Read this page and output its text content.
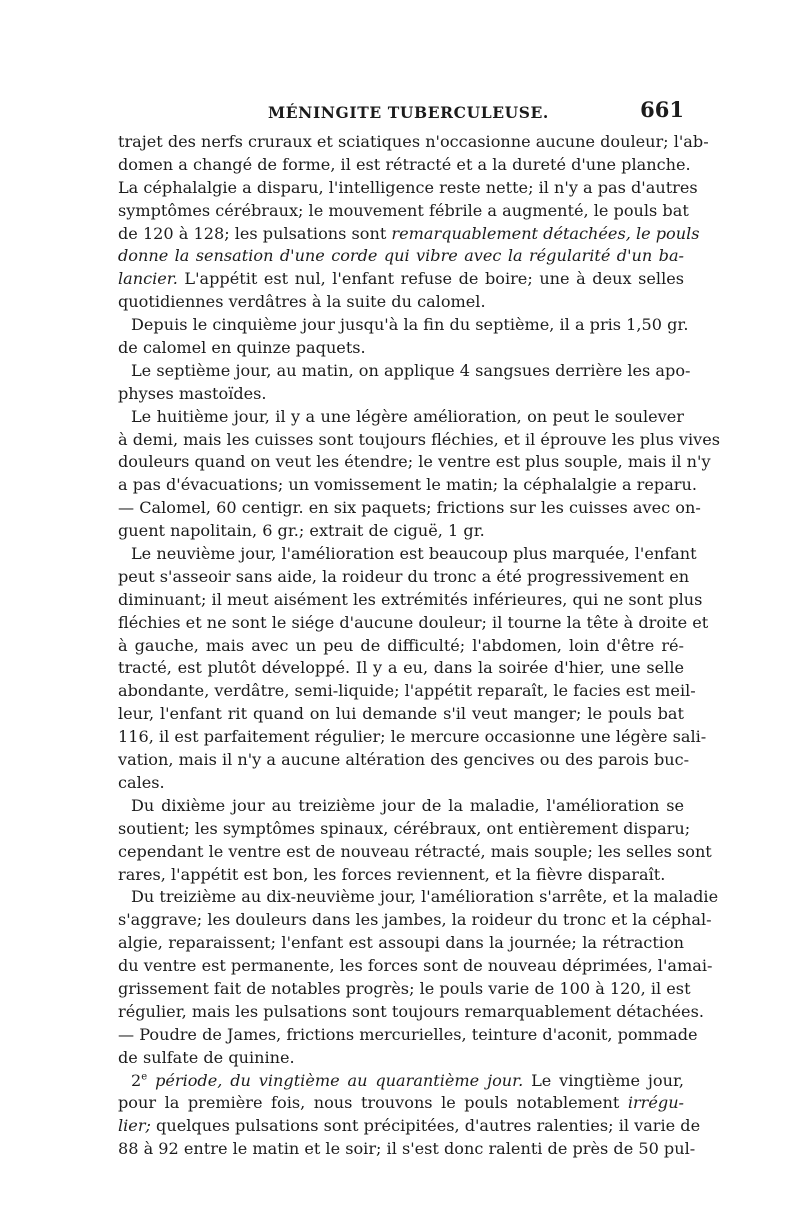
MÉNINGITE TUBERCULEUSE.	661
trajet des nerfs cruraux et sciatiques n'occasionne aucune douleur; l'ab-
domen a changé de forme, il est rétracté et a la dureté d'une planche.
La céphalalgie a disparu, l'intelligence reste nette; il n'y a pas d'autres
symptômes cérébraux; le mouvement fébrile a augmenté, le pouls bat
de 120 à 128; les pulsations sont remarquablement détachées, le pouls
donne la sensation d'une corde qui vibre avec la régularité d'un ba-
lancier. L'appétit est nul, l'enfant refuse de boire; une à deux selles
quotidiennes verdâtres à la suite du calomel.
Depuis le cinquième jour jusqu'à la fin du septième, il a pris 1,50 gr.
de calomel en quinze paquets.
Le septième jour, au matin, on applique 4 sangsues derrière les apo-
physes mastoïdes.
Le huitième jour, il y a une légère amélioration, on peut le soulever
à demi, mais les cuisses sont toujours fléchies, et il éprouve les plus vives
douleurs quand on veut les étendre; le ventre est plus souple, mais il n'y
a pas d'évacuations; un vomissement le matin; la céphalalgie a reparu.
— Calomel, 60 centigr. en six paquets; frictions sur les cuisses avec on-
guent napolitain, 6 gr.; extrait de ciguë, 1 gr.
Le neuvième jour, l'amélioration est beaucoup plus marquée, l'enfant
peut s'asseoir sans aide, la roideur du tronc a été progressivement en
diminuant; il meut aisément les extrémités inférieures, qui ne sont plus
fléchies et ne sont le siége d'aucune douleur; il tourne la tête à droite et
à gauche, mais avec un peu de difficulté; l'abdomen, loin d'être ré-
tracté, est plutôt développé. Il y a eu, dans la soirée d'hier, une selle
abondante, verdâtre, semi-liquide; l'appétit reparaît, le facies est meil-
leur, l'enfant rit quand on lui demande s'il veut manger; le pouls bat
116, il est parfaitement régulier; le mercure occasionne une légère sali-
vation, mais il n'y a aucune altération des gencives ou des parois buc-
cales.
Du dixième jour au treizième jour de la maladie, l'amélioration se
soutient; les symptômes spinaux, cérébraux, ont entièrement disparu;
cependant le ventre est de nouveau rétracté, mais souple; les selles sont
rares, l'appétit est bon, les forces reviennent, et la fièvre disparaît.
Du treizième au dix-neuvième jour, l'amélioration s'arrête, et la maladie
s'aggrave; les douleurs dans les jambes, la roideur du tronc et la céphal-
algie, reparaissent; l'enfant est assoupi dans la journée; la rétraction
du ventre est permanente, les forces sont de nouveau déprimées, l'amai-
grissement fait de notables progrès; le pouls varie de 100 à 120, il est
régulier, mais les pulsations sont toujours remarquablement détachées.
— Poudre de James, frictions mercurielles, teinture d'aconit, pommade
de sulfate de quinine.
2e période, du vingtième au quarantième jour. Le vingtième jour,
pour la première fois, nous trouvons le pouls notablement irrégu-
lier; quelques pulsations sont précipitées, d'autres ralenties; il varie de
88 à 92 entre le matin et le soir; il s'est donc ralenti de près de 50 pul-
